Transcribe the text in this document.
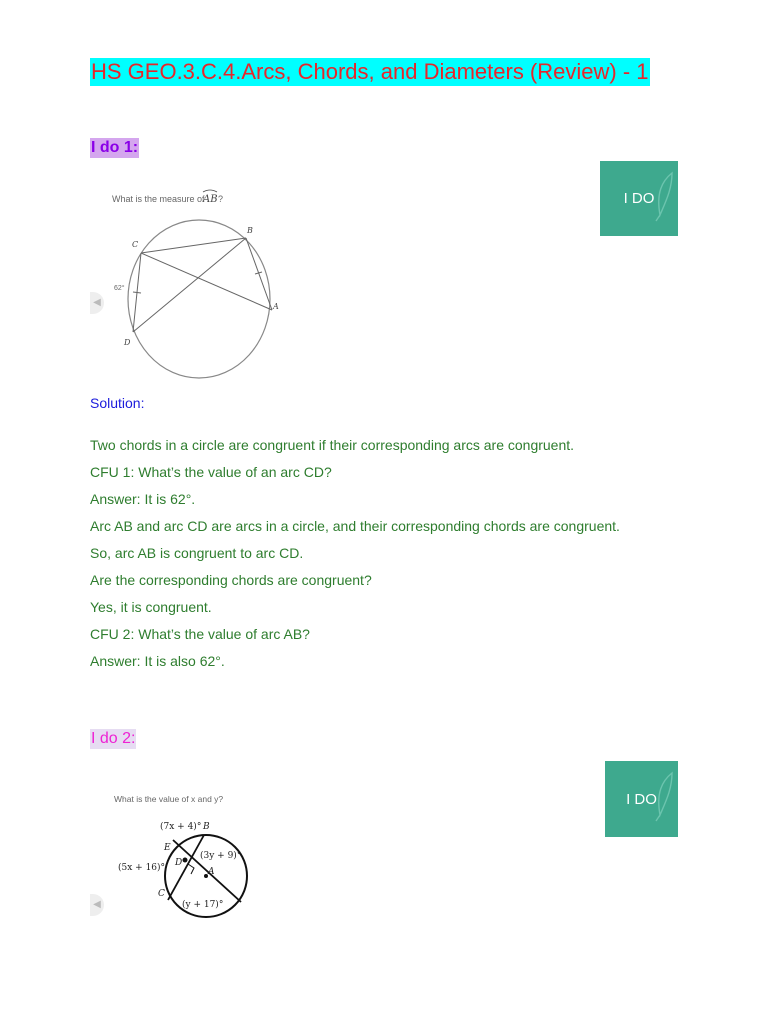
HS GEO.3.C.4.Arcs, Chords, and Diameters (Review) - 1
I do 1:
I DO
◀
What is the measure of
AB ?
C
B
A
D
62°
Solution:
Two chords in a circle are congruent if their corresponding arcs are congruent.
CFU 1: What’s the value of an arc CD?
Answer: It is 62°.
Arc AB and arc CD are arcs in a circle, and their corresponding chords are congruent.
So, arc AB is congruent to arc CD.
Are the corresponding chords are congruent?
Yes, it is congruent.
CFU 2: What’s the value of arc AB?
Answer: It is also 62°.
I do 2:
I DO
◀
What is the value of x and y?
(7x + 4)° B
E
D
(3y + 9)°
A
(5x + 16)°
C
(y + 17)°
